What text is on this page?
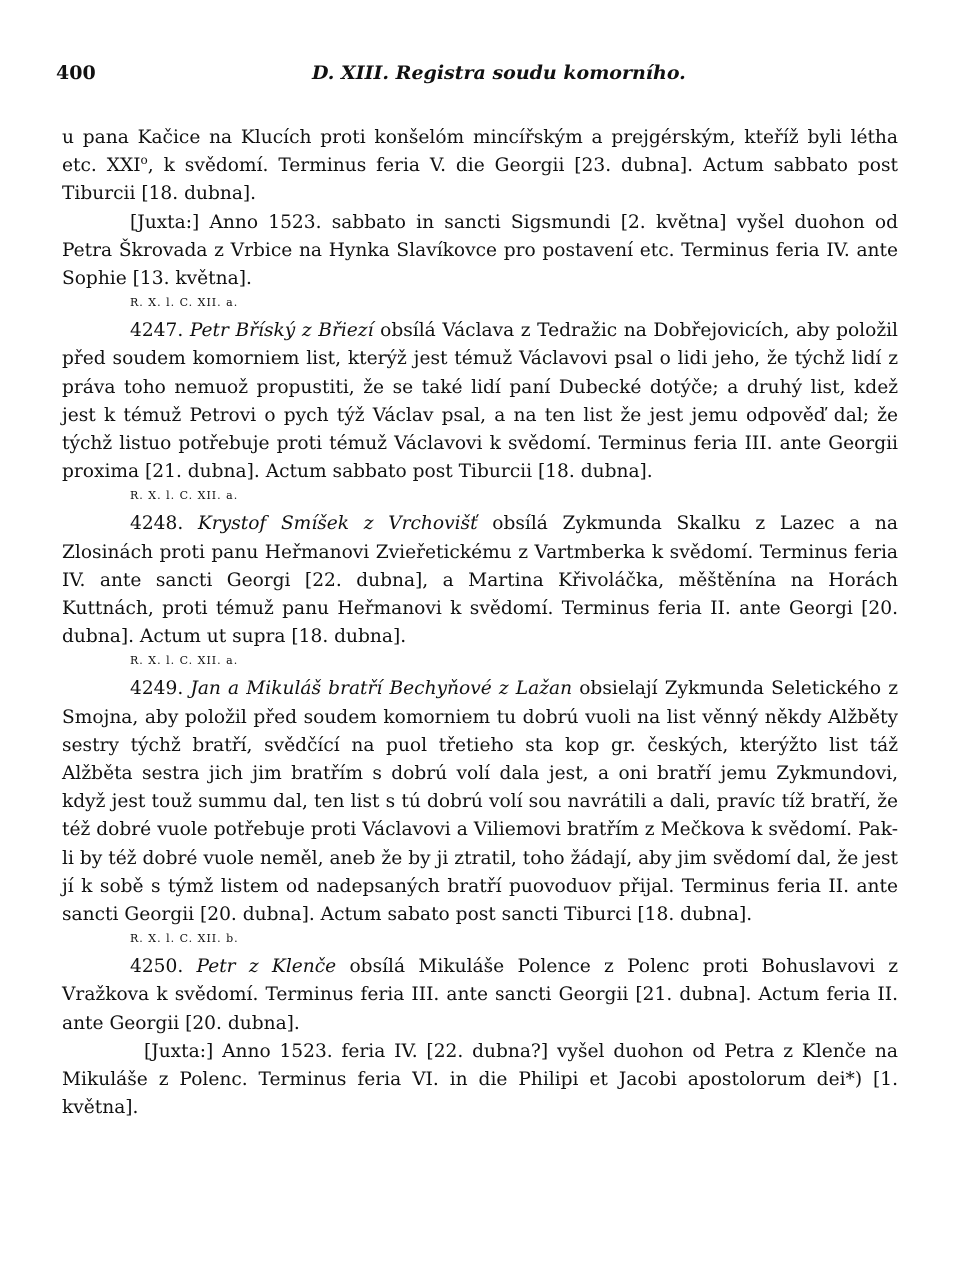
400	D. XIII. Registra soudu komorního.

u pana Kačice na Klucích proti konšelóm mincířským a prejgérským, kteříž byli létha etc. XXI$^o$, k svědomí. Terminus feria V. die Georgii [23. dubna]. Actum sabbato post Tiburcii [18. dubna].

[Juxta:] Anno 1523. sabbato in sancti Sigsmundi [2. května] vyšel duohon od Petra Škrovada z Vrbice na Hynka Slavíkovce pro postavení etc. Terminus feria IV. ante Sophie [13. května].

R. X. l. C. XII. a.

4247. Petr Bříský z Břiezí obsílá Václava z Tedražic na Dobřejovicích, aby položil před soudem komorniem list, kterýž jest témuž Václavovi psal o lidi jeho, že týchž lidí z práva toho nemuož propustiti, že se také lidí paní Dubecké dotýče; a druhý list, kdež jest k témuž Petrovi o pych týž Václav psal, a na ten list že jest jemu odpověď dal; že týchž listuo potřebuje proti témuž Václavovi k svědomí. Terminus feria III. ante Georgii proxima [21. dubna]. Actum sabbato post Tiburcii [18. dubna].

R. X. l. C. XII. a.

4248. Krystof Smíšek z Vrchovišť obsílá Zykmunda Skalku z Lazec a na Zlosinách proti panu Heřmanovi Zvieřetickému z Vartmberka k svědomí. Terminus feria IV. ante sancti Georgi [22. dubna], a Martina Křivoláčka, měštěnína na Horách Kuttnách, proti témuž panu Heřmanovi k svědomí. Terminus feria II. ante Georgi [20. dubna]. Actum ut supra [18. dubna].

R. X. l. C. XII. a.

4249. Jan a Mikuláš bratří Bechyňové z Lažan obsielají Zykmunda Seletického z Smojna, aby položil před soudem komorniem tu dobrú vuoli na list věnný někdy Alžběty sestry týchž bratří, svědčící na puol třetieho sta kop gr. českých, kterýžto list táž Alžběta sestra jich jim bratřím s dobrú volí dala jest, a oni bratří jemu Zykmundovi, když jest touž summu dal, ten list s tú dobrú volí sou navrátili a dali, pravíc tíž bratří, že též dobré vuole potřebuje proti Václavovi a Viliemovi bratřím z Mečkova k svědomí. Pak-li by též dobré vuole neměl, aneb že by ji ztratil, toho žádají, aby jim svědomí dal, že jest jí k sobě s týmž listem od nadepsaných bratří puovoduov přijal. Terminus feria II. ante sancti Georgii [20. dubna]. Actum sabato post sancti Tiburci [18. dubna].

R. X. l. C. XII. b.

4250. Petr z Klenče obsílá Mikuláše Polence z Polenc proti Bohuslavovi z Vražkova k svědomí. Terminus feria III. ante sancti Georgii [21. dubna]. Actum feria II. ante Georgii [20. dubna].

[Juxta:] Anno 1523. feria IV. [22. dubna?] vyšel duohon od Petra z Klenče na Mikuláše z Polenc. Terminus feria VI. in die Philipi et Jacobi apostolorum dei*) [1. května].
